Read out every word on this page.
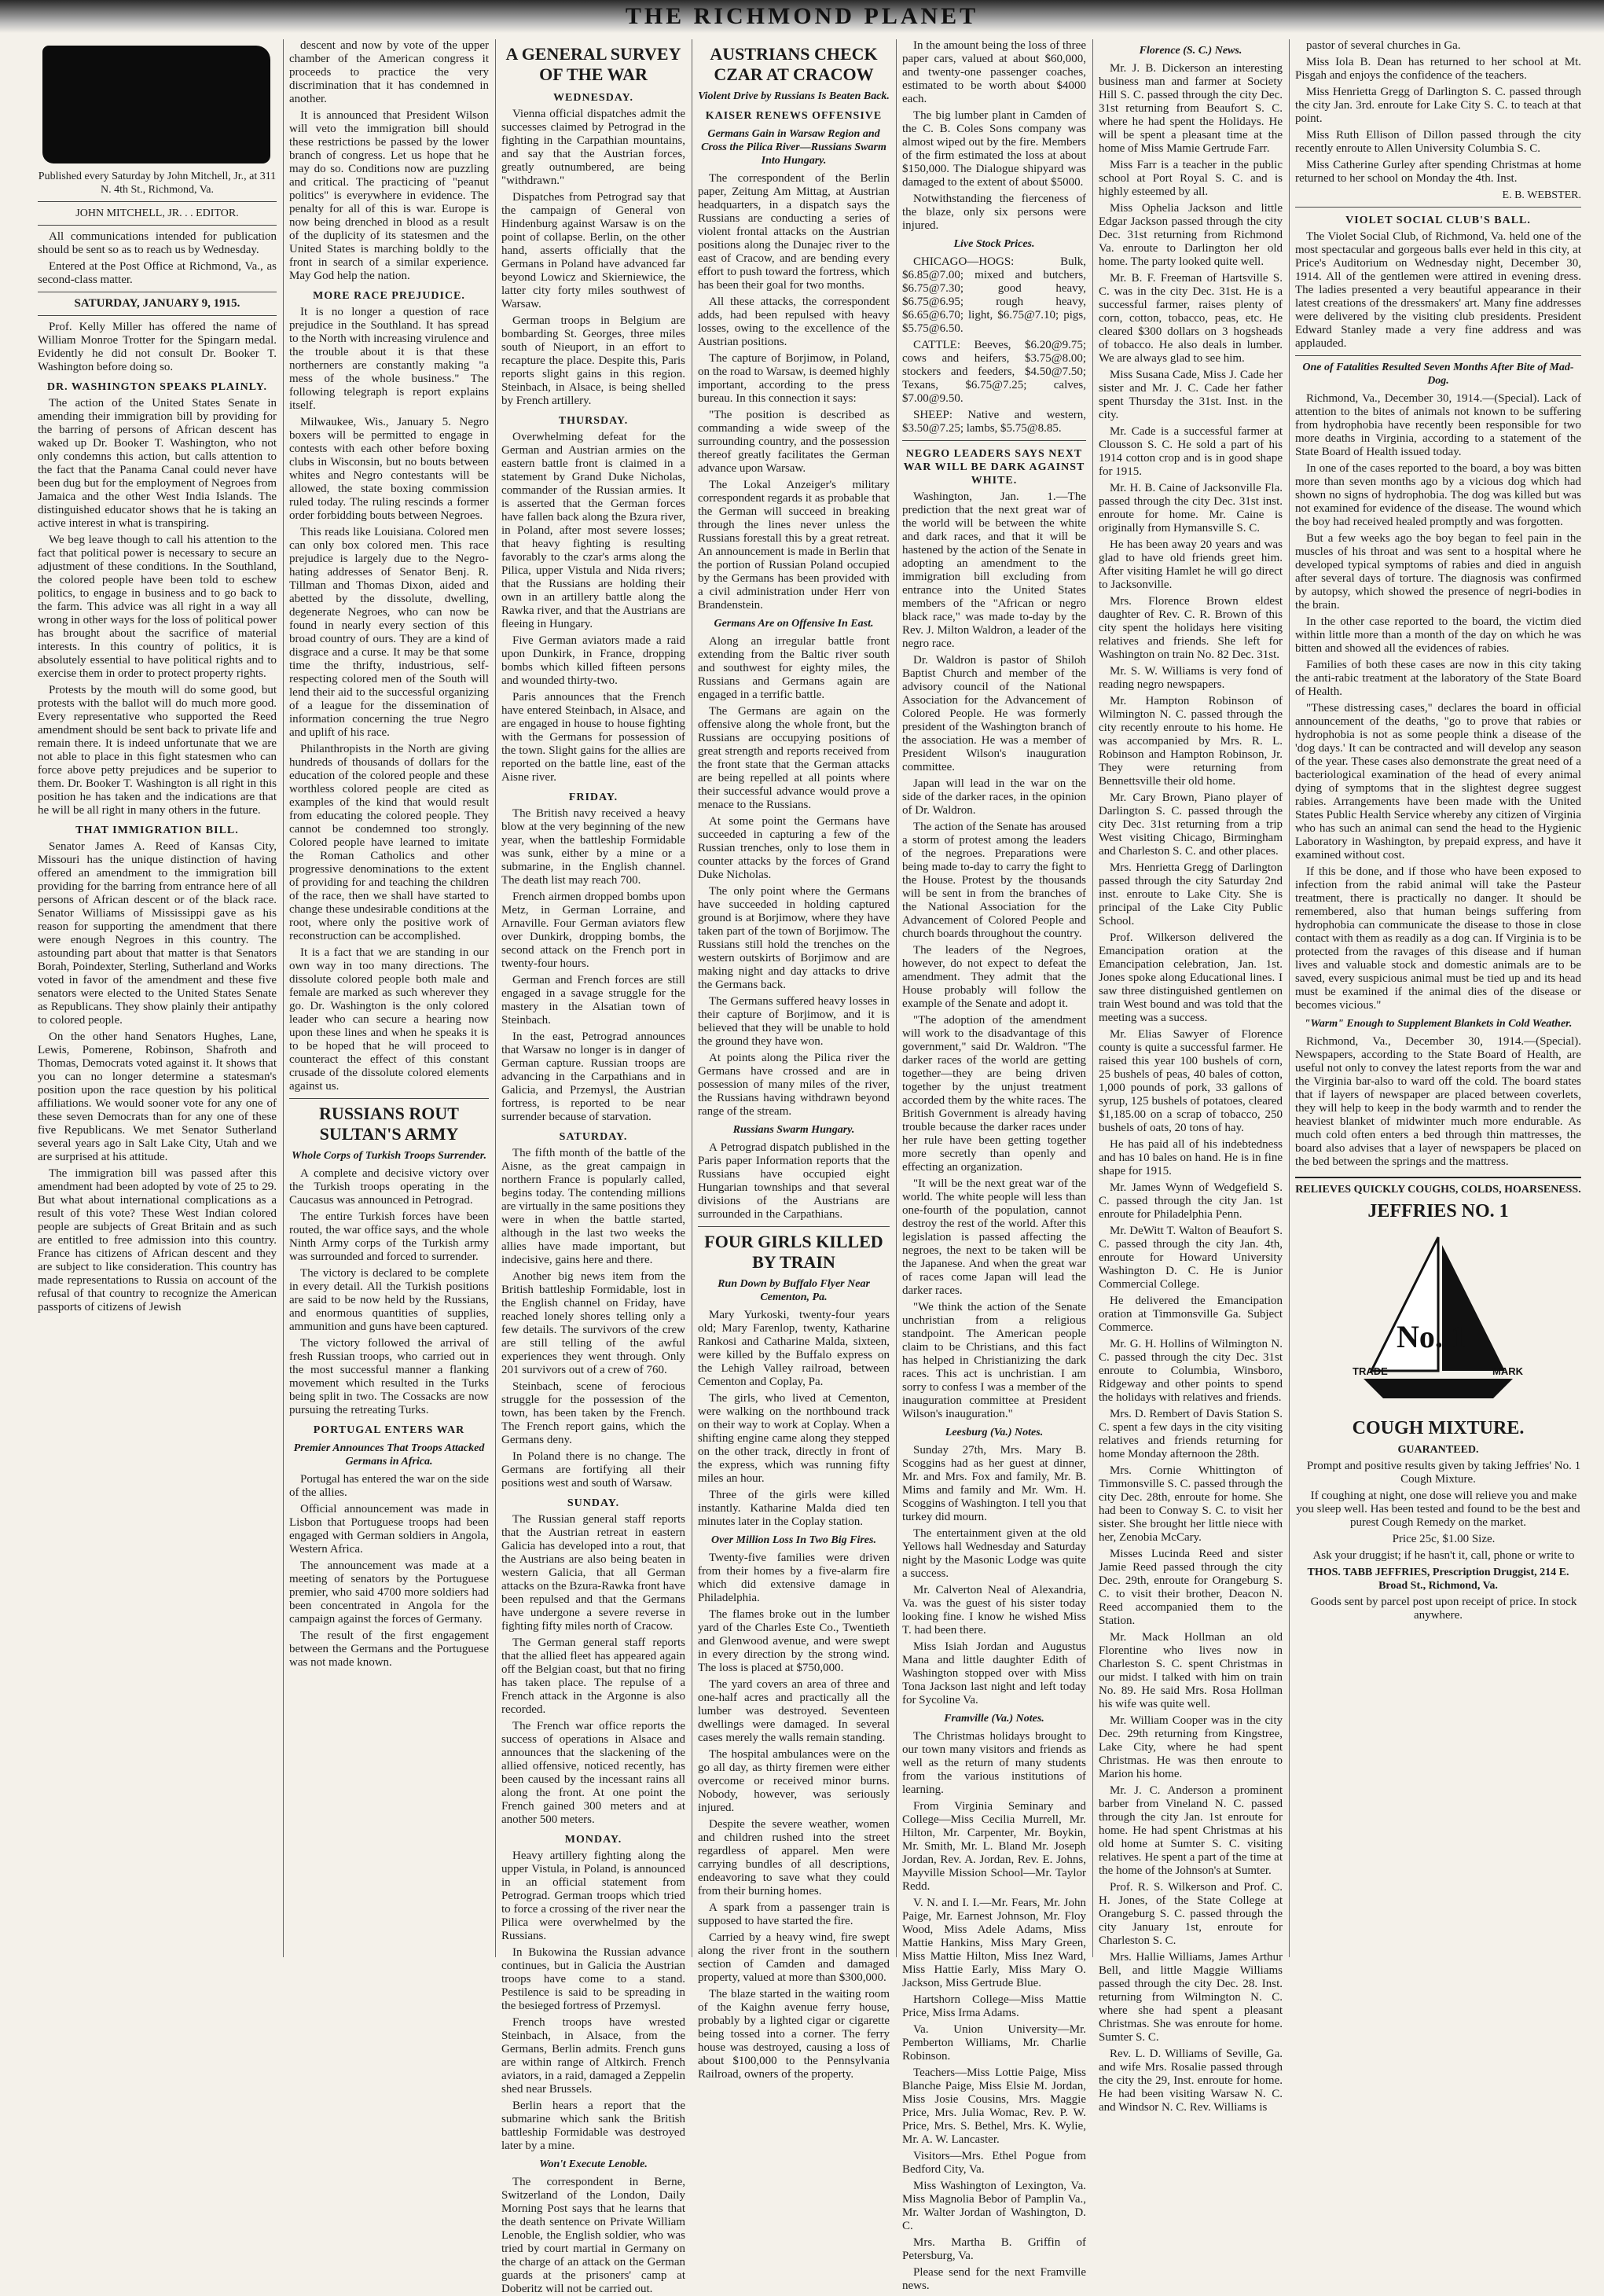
THE RICHMOND PLANET

Published every Saturday by John Mitchell, Jr., at 311 N. 4th St., Richmond, Va.

JOHN MITCHELL, JR. . . EDITOR.

All communications intended for publication should be sent so as to reach us by Wednesday.

Entered at the Post Office at Richmond, Va., as second-class matter.

SATURDAY, JANUARY 9, 1915.

Prof. Kelly Miller has offered the name of William Monroe Trotter for the Spingarn medal. Evidently he did not consult Dr. Booker T. Washington before doing so.

DR. WASHINGTON SPEAKS PLAINLY.

The action of the United States Senate in amending their immigration bill by providing for the barring of persons of African descent has waked up Dr. Booker T. Washington, who not only condemns this action, but calls attention to the fact that the Panama Canal could never have been dug but for the employment of Negroes from Jamaica and the other West India Islands. The distinguished educator shows that he is taking an active interest in what is transpiring.

We beg leave though to call his attention to the fact that political power is necessary to secure an adjustment of these conditions. In the Southland, the colored people have been told to eschew politics, to engage in business and to go back to the farm. This advice was all right in a way all wrong in other ways for the loss of political power has brought about the sacrifice of material interests. In this country of politics, it is absolutely essential to have political rights and to exercise them in order to protect property rights.

Protests by the mouth will do some good, but protests with the ballot will do much more good. Every representative who supported the Reed amendment should be sent back to private life and remain there. It is indeed unfortunate that we are not able to place in this fight statesmen who can force above petty prejudices and be superior to them. Dr. Booker T. Washington is all right in this position he has taken and the indications are that he will be all right in many others in the future.

THAT IMMIGRATION BILL.

Senator James A. Reed of Kansas City, Missouri has the unique distinction of having offered an amendment to the immigration bill providing for the barring from entrance here of all persons of African descent or of the black race. Senator Williams of Mississippi gave as his reason for supporting the amendment that there were enough Negroes in this country. The astounding part about that matter is that Senators Borah, Poindexter, Sterling, Sutherland and Works voted in favor of the amendment and these five senators were elected to the United States Senate as Republicans. They show plainly their antipathy to colored people.

On the other hand Senators Hughes, Lane, Lewis, Pomerene, Robinson, Shafroth and Thomas, Democrats voted against it. It shows that you can no longer determine a statesman's position upon the race question by his political affiliations. We would sooner vote for any one of these seven Democrats than for any one of these five Republicans. We met Senator Sutherland several years ago in Salt Lake City, Utah and we are surprised at his attitude.

The immigration bill was passed after this amendment had been adopted by vote of 25 to 29. But what about international complications as a result of this vote? These West Indian colored people are subjects of Great Britain and as such are entitled to free admission into this country. France has citizens of African descent and they are subject to like consideration. This country has made representations to Russia on account of the refusal of that country to recognize the American passports of citizens of Jewish

descent and now by vote of the upper chamber of the American congress it proceeds to practice the very discrimination that it has condemned in another.

It is announced that President Wilson will veto the immigration bill should these restrictions be passed by the lower branch of congress. Let us hope that he may do so. Conditions now are puzzling and critical. The practicing of "peanut politics" is everywhere in evidence. The penalty for all of this is war. Europe is now being drenched in blood as a result of the duplicity of its statesmen and the United States is marching boldly to the front in search of a similar experience. May God help the nation.

MORE RACE PREJUDICE.

It is no longer a question of race prejudice in the Southland. It has spread to the North with increasing virulence and the trouble about it is that these northerners are constantly making "a mess of the whole business." The following telegraph is report explains itself.

Milwaukee, Wis., January 5. Negro boxers will be permitted to engage in contests with each other before boxing clubs in Wisconsin, but no bouts between whites and Negro contestants will be allowed, the state boxing commission ruled today. The ruling rescinds a former order forbidding bouts between Negroes.

This reads like Louisiana. Colored men can only box colored men. This race prejudice is largely due to the Negro-hating addresses of Senator Benj. R. Tillman and Thomas Dixon, aided and abetted by the dissolute, dwelling, degenerate Negroes, who can now be found in nearly every section of this broad country of ours. They are a kind of disgrace and a curse. It may be that some time the thrifty, industrious, self-respecting colored men of the South will lend their aid to the successful organizing of a league for the dissemination of information concerning the true Negro and uplift of his race.

Philanthropists in the North are giving hundreds of thousands of dollars for the education of the colored people and these worthless colored people are cited as examples of the kind that would result from educating the colored people. They cannot be condemned too strongly. Colored people have learned to imitate the Roman Catholics and other progressive denominations to the extent of providing for and teaching the children of the race, then we shall have started to change these undesirable conditions at the root, where only the positive work of reconstruction can be accomplished.

It is a fact that we are standing in our own way in too many directions. The dissolute colored people both male and female are marked as such wherever they go. Dr. Washington is the only colored leader who can secure a hearing now upon these lines and when he speaks it is to be hoped that he will proceed to counteract the effect of this constant crusade of the dissolute colored elements against us.

RUSSIANS ROUT SULTAN'S ARMY
Whole Corps of Turkish Troops Surrender.

A complete and decisive victory over the Turkish troops operating in the Caucasus was announced in Petrograd.

The entire Turkish forces have been routed, the war office says, and the whole Ninth Army corps of the Turkish army was surrounded and forced to surrender.

The victory is declared to be complete in every detail. All the Turkish positions are said to be now held by the Russians, and enormous quantities of supplies, ammunition and guns have been captured.

The victory followed the arrival of fresh Russian troops, who carried out in the most successful manner a flanking movement which resulted in the Turks being split in two. The Cossacks are now pursuing the retreating Turks.

PORTUGAL ENTERS WAR
Premier Announces That Troops Attacked Germans in Africa.

Portugal has entered the war on the side of the allies.

Official announcement was made in Lisbon that Portuguese troops had been engaged with German soldiers in Angola, Western Africa.

The announcement was made at a meeting of senators by the Portuguese premier, who said 4700 more soldiers had been concentrated in Angola for the campaign against the forces of Germany.

The result of the first engagement between the Germans and the Portuguese was not made known.

A GENERAL SURVEY OF THE WAR
WEDNESDAY.

Vienna official dispatches admit the successes claimed by Petrograd in the fighting in the Carpathian mountains, and say that the Austrian forces, greatly outnumbered, are being "withdrawn."

Dispatches from Petrograd say that the campaign of General von Hindenburg against Warsaw is on the point of collapse. Berlin, on the other hand, asserts officially that the Germans in Poland have advanced far beyond Lowicz and Skierniewice, the latter city forty miles southwest of Warsaw.

German troops in Belgium are bombarding St. Georges, three miles south of Nieuport, in an effort to recapture the place. Despite this, Paris reports slight gains in this region. Steinbach, in Alsace, is being shelled by French artillery.

THURSDAY.

Overwhelming defeat for the German and Austrian armies on the eastern battle front is claimed in a statement by Grand Duke Nicholas, commander of the Russian armies. It is asserted that the German forces have fallen back along the Bzura river, in Poland, after most severe losses; that heavy fighting is resulting favorably to the czar's arms along the Pilica, upper Vistula and Nida rivers; that the Russians are holding their own in an artillery battle along the Rawka river, and that the Austrians are fleeing in Hungary.

Five German aviators made a raid upon Dunkirk, in France, dropping bombs which killed fifteen persons and wounded thirty-two.

Paris announces that the French have entered Steinbach, in Alsace, and are engaged in house to house fighting with the Germans for possession of the town. Slight gains for the allies are reported on the battle line, east of the Aisne river.

FRIDAY.

The British navy received a heavy blow at the very beginning of the new year, when the battleship Formidable was sunk, either by a mine or a submarine, in the English channel. The death list may reach 700.

French airmen dropped bombs upon Metz, in German Lorraine, and Arnaville. Four German aviators flew over Dunkirk, dropping bombs, the second attack on the French port in twenty-four hours.

German and French forces are still engaged in a savage struggle for the mastery in the Alsatian town of Steinbach.

In the east, Petrograd announces that Warsaw no longer is in danger of German capture. Russian troops are advancing in the Carpathians and in Galicia, and Przemysl, the Austrian fortress, is reported to be near surrender because of starvation.

SATURDAY.

The fifth month of the battle of the Aisne, as the great campaign in northern France is popularly called, begins today. The contending millions are virtually in the same positions they were in when the battle started, although in the last two weeks the allies have made important, but indecisive, gains here and there.

Another big news item from the British battleship Formidable, lost in the English channel on Friday, have reached lonely shores telling only a few details. The survivors of the crew are still telling of the awful experiences they went through. Only 201 survivors out of a crew of 760.

Steinbach, scene of ferocious struggle for the possession of the town, has been taken by the French. The French report gains, which the Germans deny.

In Poland there is no change. The Germans are fortifying all their positions west and south of Warsaw.

SUNDAY.

The Russian general staff reports that the Austrian retreat in eastern Galicia has developed into a rout, that the Austrians are also being beaten in western Galicia, that all German attacks on the Bzura-Rawka front have been repulsed and that the Germans have undergone a severe reverse in fighting fifty miles north of Cracow.

The German general staff reports that the allied fleet has appeared again off the Belgian coast, but that no firing has taken place. The repulse of a French attack in the Argonne is also recorded.

The French war office reports the success of operations in Alsace and announces that the slackening of the allied offensive, noticed recently, has been caused by the incessant rains all along the front. At one point the French gained 300 meters and at another 500 meters.

MONDAY.

Heavy artillery fighting along the upper Vistula, in Poland, is announced in an official statement from Petrograd. German troops which tried to force a crossing of the river near the Pilica were overwhelmed by the Russians.

In Bukowina the Russian advance continues, but in Galicia the Austrian troops have come to a stand. Pestilence is said to be spreading in the besieged fortress of Przemysl.

French troops have wrested Steinbach, in Alsace, from the Germans, Berlin admits. French guns are within range of Altkirch. French aviators, in a raid, damaged a Zeppelin shed near Brussels.

Berlin hears a report that the submarine which sank the British battleship Formidable was destroyed later by a mine.

Won't Execute Lenoble.

The correspondent in Berne, Switzerland of the London, Daily Morning Post says that he learns that the death sentence on Private William Lenoble, the English soldier, who was tried by court martial in Germany on the charge of an attack on the German guards at the prisoners' camp at Doberitz will not be carried out.

AUSTRIANS CHECK CZAR AT CRACOW
Violent Drive by Russians Is Beaten Back.
KAISER RENEWS OFFENSIVE
Germans Gain in Warsaw Region and Cross the Pilica River—Russians Swarm Into Hungary.

The correspondent of the Berlin paper, Zeitung Am Mittag, at Austrian headquarters, in a dispatch says the Russians are conducting a series of violent frontal attacks on the Austrian positions along the Dunajec river to the east of Cracow, and are bending every effort to push toward the fortress, which has been their goal for two months.

All these attacks, the correspondent adds, had been repulsed with heavy losses, owing to the excellence of the Austrian positions.

The capture of Borjimow, in Poland, on the road to Warsaw, is deemed highly important, according to the press bureau. In this connection it says:

"The position is described as commanding a wide sweep of the surrounding country, and the possession thereof greatly facilitates the German advance upon Warsaw.

The Lokal Anzeiger's military correspondent regards it as probable that the German will succeed in breaking through the lines never unless the Russians forestall this by a great retreat. An announcement is made in Berlin that the portion of Russian Poland occupied by the Germans has been provided with a civil administration under Herr von Brandenstein.

Germans Are on Offensive In East.

Along an irregular battle front extending from the Baltic river south and southwest for eighty miles, the Russians and Germans again are engaged in a terrific battle.

The Germans are again on the offensive along the whole front, but the Russians are occupying positions of great strength and reports received from the front state that the German attacks are being repelled at all points where their successful advance would prove a menace to the Russians.

At some point the Germans have succeeded in capturing a few of the Russian trenches, only to lose them in counter attacks by the forces of Grand Duke Nicholas.

The only point where the Germans have succeeded in holding captured ground is at Borjimow, where they have taken part of the town of Borjimow. The Russians still hold the trenches on the western outskirts of Borjimow and are making night and day attacks to drive the Germans back.

The Germans suffered heavy losses in their capture of Borjimow, and it is believed that they will be unable to hold the ground they have won.

At points along the Pilica river the Germans have crossed and are in possession of many miles of the river, the Russians having withdrawn beyond range of the stream.

Russians Swarm Hungary.

A Petrograd dispatch published in the Paris paper Information reports that the Russians have occupied eight Hungarian townships and that several divisions of the Austrians are surrounded in the Carpathians.

FOUR GIRLS KILLED BY TRAIN
Run Down by Buffalo Flyer Near Cementon, Pa.

Mary Yurkoski, twenty-four years old; Mary Farenlop, twenty, Katharine Rankosi and Catharine Malda, sixteen, were killed by the Buffalo express on the Lehigh Valley railroad, between Cementon and Coplay, Pa.

The girls, who lived at Cementon, were walking on the northbound track on their way to work at Coplay. When a shifting engine came along they stepped on the other track, directly in front of the express, which was running fifty miles an hour.

Three of the girls were killed instantly. Katharine Malda died ten minutes later in the Coplay station.

Over Million Loss In Two Big Fires.

Twenty-five families were driven from their homes by a five-alarm fire which did extensive damage in Philadelphia.

The flames broke out in the lumber yard of the Charles Este Co., Twentieth and Glenwood avenue, and were swept in every direction by the strong wind. The loss is placed at $750,000.

The yard covers an area of three and one-half acres and practically all the lumber was destroyed. Seventeen dwellings were damaged. In several cases merely the walls remain standing.

The hospital ambulances were on the go all day, as thirty firemen were either overcome or received minor burns. Nobody, however, was seriously injured.

Despite the severe weather, women and children rushed into the street regardless of apparel. Men were carrying bundles of all descriptions, endeavoring to save what they could from their burning homes.

A spark from a passenger train is supposed to have started the fire.

Carried by a heavy wind, fire swept along the river front in the southern section of Camden and damaged property, valued at more than $300,000.

The blaze started in the waiting room of the Kaighn avenue ferry house, probably by a lighted cigar or cigarette being tossed into a corner. The ferry house was destroyed, causing a loss of about $100,000 to the Pennsylvania Railroad, owners of the property.

In the amount being the loss of three paper cars, valued at about $60,000, and twenty-one passenger coaches, estimated to be worth about $4000 each.

The big lumber plant in Camden of the C. B. Coles Sons company was almost wiped out by the fire. Members of the firm estimated the loss at about $150,000. The Dialogue shipyard was damaged to the extent of about $5000.

Notwithstanding the fierceness of the blaze, only six persons were injured.

Live Stock Prices.

CHICAGO—HOGS: Bulk, $6.85@7.00; mixed and butchers, $6.75@7.30; good heavy, $6.75@6.95; rough heavy, $6.65@6.70; light, $6.75@7.10; pigs, $5.75@6.50.

CATTLE: Beeves, $6.20@9.75; cows and heifers, $3.75@8.00; stockers and feeders, $4.50@7.50; Texans, $6.75@7.25; calves, $7.00@9.50.

SHEEP: Native and western, $3.50@7.25; lambs, $5.75@8.85.

NEGRO LEADERS SAYS NEXT WAR WILL BE DARK AGAINST WHITE.

Washington, Jan. 1.—The prediction that the next great war of the world will be between the white and dark races, and that it will be hastened by the action of the Senate in adopting an amendment to the immigration bill excluding from entrance into the United States members of the "African or negro black race," was made to-day by the Rev. J. Milton Waldron, a leader of the negro race.

Dr. Waldron is pastor of Shiloh Baptist Church and member of the advisory council of the National Association for the Advancement of Colored People. He was formerly president of the Washington branch of the association. He was a member of President Wilson's inauguration committee.

Japan will lead in the war on the side of the darker races, in the opinion of Dr. Waldron.

The action of the Senate has aroused a storm of protest among the leaders of the negroes. Preparations were being made to-day to carry the fight to the House. Protest by the thousands will be sent in from the branches of the National Association for the Advancement of Colored People and church boards throughout the country.

The leaders of the Negroes, however, do not expect to defeat the amendment. They admit that the House probably will follow the example of the Senate and adopt it.

"The adoption of the amendment will work to the disadvantage of this government," said Dr. Waldron. "The darker races of the world are getting together—they are being driven together by the unjust treatment accorded them by the white races. The British Government is already having trouble because the darker races under her rule have been getting together more secretly than openly and effecting an organization.

"It will be the next great war of the world. The white people will less than one-fourth of the population, cannot destroy the rest of the world. After this legislation is passed affecting the negroes, the next to be taken will be the Japanese. And when the great war of races come Japan will lead the darker races.

"We think the action of the Senate unchristian from a religious standpoint. The American people claim to be Christians, and this fact has helped in Christianizing the dark races. This act is unchristian. I am sorry to confess I was a member of the inauguration committee at President Wilson's inauguration."

Leesburg (Va.) Notes.

Sunday 27th, Mrs. Mary B. Scoggins had as her guest at dinner, Mr. and Mrs. Fox and family, Mr. B. Mims and family and Mr. Wm. H. Scoggins of Washington. I tell you that turkey did mourn.

The entertainment given at the old Yellows hall Wednesday and Saturday night by the Masonic Lodge was quite a success.

Mr. Calverton Neal of Alexandria, Va. was the guest of his sister today looking fine. I know he wished Miss T. had been there.

Miss Isiah Jordan and Augustus Mana and little daughter Edith of Washington stopped over with Miss Tona Jackson last night and left today for Sycoline Va.

Framville (Va.) Notes.

The Christmas holidays brought to our town many visitors and friends as well as the return of many students from the various institutions of learning.

From Virginia Seminary and College—Miss Cecilia Murrell, Mr. Hilton, Mr. Carpenter, Mr. Boykin, Mr. Smith, Mr. L. Bland Mr. Joseph Jordan, Rev. A. Jordan, Rev. E. Johns, Mayville Mission School—Mr. Taylor Redd.

V. N. and I. I.—Mr. Fears, Mr. John Paige, Mr. Earnest Johnson, Mr. Floy Wood, Miss Adele Adams, Miss Mattie Hankins, Miss Mary Green, Miss Mattie Hilton, Miss Inez Ward, Miss Hattie Early, Miss Mary O. Jackson, Miss Gertrude Blue.

Hartshorn College—Miss Mattie Price, Miss Irma Adams.

Va. Union University—Mr. Pemberton Williams, Mr. Charlie Robinson.

Teachers—Miss Lottie Paige, Miss Blanche Paige, Miss Elsie M. Jordan, Miss Josie Cousins, Mrs. Maggie Price, Mrs. Julia Womac, Rev. P. W. Price, Mrs. S. Bethel, Mrs. K. Wylie, Mr. A. W. Lancaster.

Visitors—Mrs. Ethel Pogue from Bedford City, Va.

Miss Washington of Lexington, Va. Miss Magnolia Bebor of Pamplin Va., Mr. Walter Jordan of Washington, D. C.

Mrs. Martha B. Griffin of Petersburg, Va.

Please send for the next Framville news.

Florence (S. C.) News.

Mr. J. B. Dickerson an interesting business man and farmer at Society Hill S. C. passed through the city Dec. 31st returning from Beaufort S. C. where he had spent the Holidays. He will be spent a pleasant time at the home of Miss Mamie Gertrude Farr.

Miss Farr is a teacher in the public school at Port Royal S. C. and is highly esteemed by all.

Miss Ophelia Jackson and little Edgar Jackson passed through the city Dec. 31st returning from Richmond Va. enroute to Darlington her old home. The party looked quite well.

Mr. B. F. Freeman of Hartsville S. C. was in the city Dec. 31st. He is a successful farmer, raises plenty of corn, cotton, tobacco, peas, etc. He cleared $300 dollars on 3 hogsheads of tobacco. He also deals in lumber. We are always glad to see him.

Miss Susana Cade, Miss J. Cade her sister and Mr. J. C. Cade her father spent Thursday the 31st. Inst. in the city.

Mr. Cade is a successful farmer at Clousson S. C. He sold a part of his 1914 cotton crop and is in good shape for 1915.

Mr. H. B. Caine of Jacksonville Fla. passed through the city Dec. 31st inst. enroute for home. Mr. Caine is originally from Hymansville S. C.

He has been away 20 years and was glad to have old friends greet him. After visiting Hamlet he will go direct to Jacksonville.

Mrs. Florence Brown eldest daughter of Rev. C. R. Brown of this city spent the holidays here visiting relatives and friends. She left for Washington on train No. 82 Dec. 31st.

Mr. S. W. Williams is very fond of reading negro newspapers.

Mr. Hampton Robinson of Wilmington N. C. passed through the city recently enroute to his home. He was accompanied by Mrs. R. L. Robinson and Hampton Robinson, Jr. They were returning from Bennettsville their old home.

Mr. Cary Brown, Piano player of Darlington S. C. passed through the city Dec. 31st returning from a trip West visiting Chicago, Birmingham and Charleston S. C. and other places.

Mrs. Henrietta Gregg of Darlington passed through the city Saturday 2nd inst. enroute to Lake City. She is principal of the Lake City Public School.

Prof. Wilkerson delivered the Emancipation oration at the Emancipation celebration, Jan. 1st. Jones spoke along Educational lines. I saw three distinguished gentlemen on train West bound and was told that the meeting was a success.

Mr. Elias Sawyer of Florence county is quite a successful farmer. He raised this year 100 bushels of corn, 25 bushels of peas, 40 bales of cotton, 1,000 pounds of pork, 33 gallons of syrup, 125 bushels of potatoes, cleared $1,185.00 on a scrap of tobacco, 250 bushels of oats, 20 tons of hay.

He has paid all of his indebtedness and has 10 bales on hand. He is in fine shape for 1915.

Mr. James Wynn of Wedgefield S. C. passed through the city Jan. 1st enroute for Philadelphia Penn.

Mr. DeWitt T. Walton of Beaufort S. C. passed through the city Jan. 4th, enroute for Howard University Washington D. C. He is Junior Commercial College.

He delivered the Emancipation oration at Timmonsville Ga. Subject Commerce.

Mr. G. H. Hollins of Wilmington N. C. passed through the city Dec. 31st enroute to Columbia, Winsboro, Ridgeway and other points to spend the holidays with relatives and friends.

Mrs. D. Rembert of Davis Station S. C. spent a few days in the city visiting relatives and friends returning for home Monday afternoon the 28th.

Mrs. Cornie Whittington of Timmonsville S. C. passed through the city Dec. 28th, enroute for home. She had been to Conway S. C. to visit her sister. She brought her little niece with her, Zenobia McCary.

Misses Lucinda Reed and sister Jamie Reed passed through the city Dec. 29th, enroute for Orangeburg S. C. to visit their brother, Deacon N. Reed accompanied them to the Station.

Mr. Mack Hollman an old Florentine who lives now in Charleston S. C. spent Christmas in our midst. I talked with him on train No. 89. He said Mrs. Rosa Hollman his wife was quite well.

Mr. William Cooper was in the city Dec. 29th returning from Kingstree, Lake City, where he had spent Christmas. He was then enroute to Marion his home.

Mr. J. C. Anderson a prominent barber from Vineland N. C. passed through the city Jan. 1st enroute for home. He had spent Christmas at his old home at Sumter S. C. visiting relatives. He spent a part of the time at the home of the Johnson's at Sumter.

Prof. R. S. Wilkerson and Prof. C. H. Jones, of the State College at Orangeburg S. C. passed through the city January 1st, enroute for Charleston S. C.

Mrs. Hallie Williams, James Arthur Bell, and little Maggie Williams passed through the city Dec. 28. Inst. returning from Wilmington N. C. where she had spent a pleasant Christmas. She was enroute for home. Sumter S. C.

Rev. L. D. Williams of Seville, Ga. and wife Mrs. Rosalie passed through the city the 29, Inst. enroute for home. He had been visiting Warsaw N. C. and Windsor N. C. Rev. Williams is

pastor of several churches in Ga.

Miss Iola B. Dean has returned to her school at Mt. Pisgah and enjoys the confidence of the teachers.

Miss Henrietta Gregg of Darlington S. C. passed through the city Jan. 3rd. enroute for Lake City S. C. to teach at that point.

Miss Ruth Ellison of Dillon passed through the city recently enroute to Allen University Columbia S. C.

Miss Catherine Gurley after spending Christmas at home returned to her school on Monday the 4th. Inst.

E. B. WEBSTER.

VIOLET SOCIAL CLUB'S BALL.

The Violet Social Club, of Richmond, Va. held one of the most spectacular and gorgeous balls ever held in this city, at Price's Auditorium on Wednesday night, December 30, 1914. All of the gentlemen were attired in evening dress. The ladies presented a very beautiful appearance in their latest creations of the dressmakers' art. Many fine addresses were delivered by the visiting club presidents. President Edward Stanley made a very fine address and was applauded.

One of Fatalities Resulted Seven Months After Bite of Mad-Dog.

Richmond, Va., December 30, 1914.—(Special). Lack of attention to the bites of animals not known to be suffering from hydrophobia have recently been responsible for two more deaths in Virginia, according to a statement of the State Board of Health issued today.

In one of the cases reported to the board, a boy was bitten more than seven months ago by a vicious dog which had shown no signs of hydrophobia. The dog was killed but was not examined for evidence of the disease. The wound which the boy had received healed promptly and was forgotten.

But a few weeks ago the boy began to feel pain in the muscles of his throat and was sent to a hospital where he developed typical symptoms of rabies and died in anguish after several days of torture. The diagnosis was confirmed by autopsy, which showed the presence of negri-bodies in the brain.

In the other case reported to the board, the victim died within little more than a month of the day on which he was bitten and showed all the evidences of rabies.

Families of both these cases are now in this city taking the anti-rabic treatment at the laboratory of the State Board of Health.

"These distressing cases," declares the board in official announcement of the deaths, "go to prove that rabies or hydrophobia is not as some people think a disease of the 'dog days.' It can be contracted and will develop any season of the year. These cases also demonstrate the great need of a bacteriological examination of the head of every animal dying of symptoms that in the slightest degree suggest rabies. Arrangements have been made with the United States Public Health Service whereby any citizen of Virginia who has such an animal can send the head to the Hygienic Laboratory in Washington, by prepaid express, and have it examined without cost.

If this be done, and if those who have been exposed to infection from the rabid animal will take the Pasteur treatment, there is practically no danger. It should be remembered, also that human beings suffering from hydrophobia can communicate the disease to those in close contact with them as readily as a dog can. If Virginia is to be protected from the ravages of this disease and if human lives and valuable stock and domestic animals are to be saved, every suspicious animal must be tied up and its head must be examined if the animal dies of the disease or becomes vicious."

"Warm" Enough to Supplement Blankets in Cold Weather.

Richmond, Va., December 30, 1914.—(Special). Newspapers, according to the State Board of Health, are useful not only to convey the latest reports from the war and the Virginia bar-also to ward off the cold. The board states that if layers of newspaper are placed between coverlets, they will help to keep in the body warmth and to render the heaviest blanket of midwinter much more endurable. As much cold often enters a bed through thin mattresses, the board also advises that a layer of newspapers be placed on the bed between the springs and the mattress.

RELIEVES QUICKLY COUGHS, COLDS, HOARSENESS.

JEFFRIES NO. 1
No. 1
TRADE	MARK
COUGH MIXTURE.

GUARANTEED.

Prompt and positive results given by taking Jeffries' No. 1 Cough Mixture.

If coughing at night, one dose will relieve you and make you sleep well. Has been tested and found to be the best and purest Cough Remedy on the market.

Price 25c, $1.00 Size.

Ask your druggist; if he hasn't it, call, phone or write to

THOS. TABB JEFFRIES, Prescription Druggist, 214 E. Broad St., Richmond, Va.

Goods sent by parcel post upon receipt of price. In stock anywhere.
